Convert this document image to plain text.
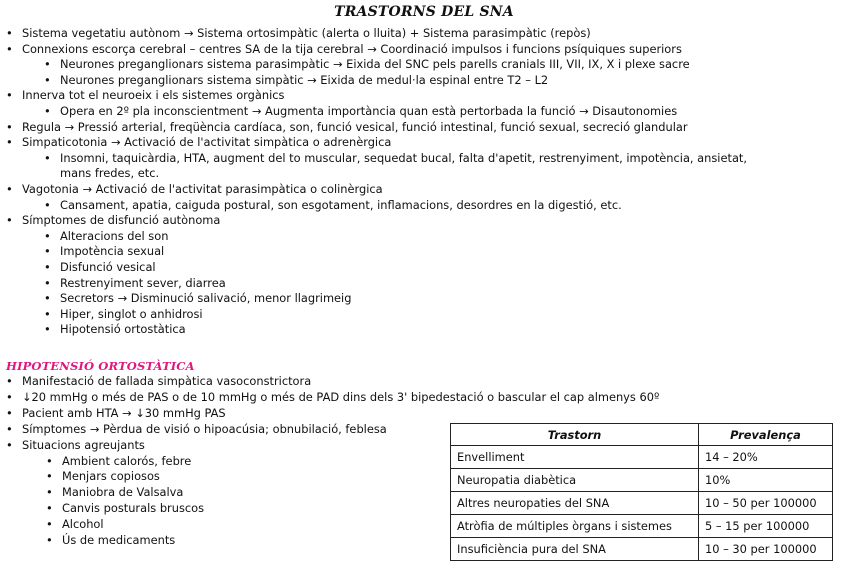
TRASTORNS DEL SNA
• Sistema vegetatiu autònom → Sistema ortosimpàtic (alerta o lluita) + Sistema parasimpàtic (repòs)
• Connexions escorça cerebral – centres SA de la tija cerebral → Coordinació impulsos i funcions psíquiques superiors
• Neurones preganglionars sistema parasimpàtic → Eixida del SNC pels parells cranials III, VII, IX, X i plexe sacre
• Neurones preganglionars sistema simpàtic → Eixida de medul·la espinal entre T2 – L2
• Innerva tot el neuroeix i els sistemes orgànics
• Opera en 2º pla inconscientment → Augmenta importància quan està pertorbada la funció → Disautonomies
• Regula → Pressió arterial, freqüència cardíaca, son, funció vesical, funció intestinal, funció sexual, secreció glandular
• Simpaticotonia → Activació de l'activitat simpàtica o adrenèrgica
• Insomni, taquicàrdia, HTA, augment del to muscular, sequedat bucal, falta d'apetit, restrenyiment, impotència, ansietat,
mans fredes, etc.
• Vagotonia → Activació de l'activitat parasimpàtica o colinèrgica
• Cansament, apatia, caiguda postural, son esgotament, inflamacions, desordres en la digestió, etc.
• Símptomes de disfunció autònoma
• Alteracions del son
• Impotència sexual
• Disfunció vesical
• Restrenyiment sever, diarrea
• Secretors → Disminució salivació, menor llagrimeig
• Hiper, singlot o anhidrosi
• Hipotensió ortostàtica
HIPOTENSIÓ ORTOSTÀTICA
• Manifestació de fallada simpàtica vasoconstrictora
• ↓20 mmHg o més de PAS o de 10 mmHg o més de PAD dins dels 3' bipedestació o bascular el cap almenys 60º
• Pacient amb HTA → ↓30 mmHg PAS
• Símptomes → Pèrdua de visió o hipoacúsia; obnubilació, feblesa
• Situacions agreujants
• Ambient calorós, febre
• Menjars copiosos
• Maniobra de Valsalva
• Canvis posturals bruscos
• Alcohol
• Ús de medicaments
Trastorn	Prevalença
Envelliment	14 – 20%
Neuropatia diabètica	10%
Altres neuropaties del SNA	10 – 50 per 100000
Atròfia de múltiples òrgans i sistemes	5 – 15 per 100000
Insuficiència pura del SNA	10 – 30 per 100000
